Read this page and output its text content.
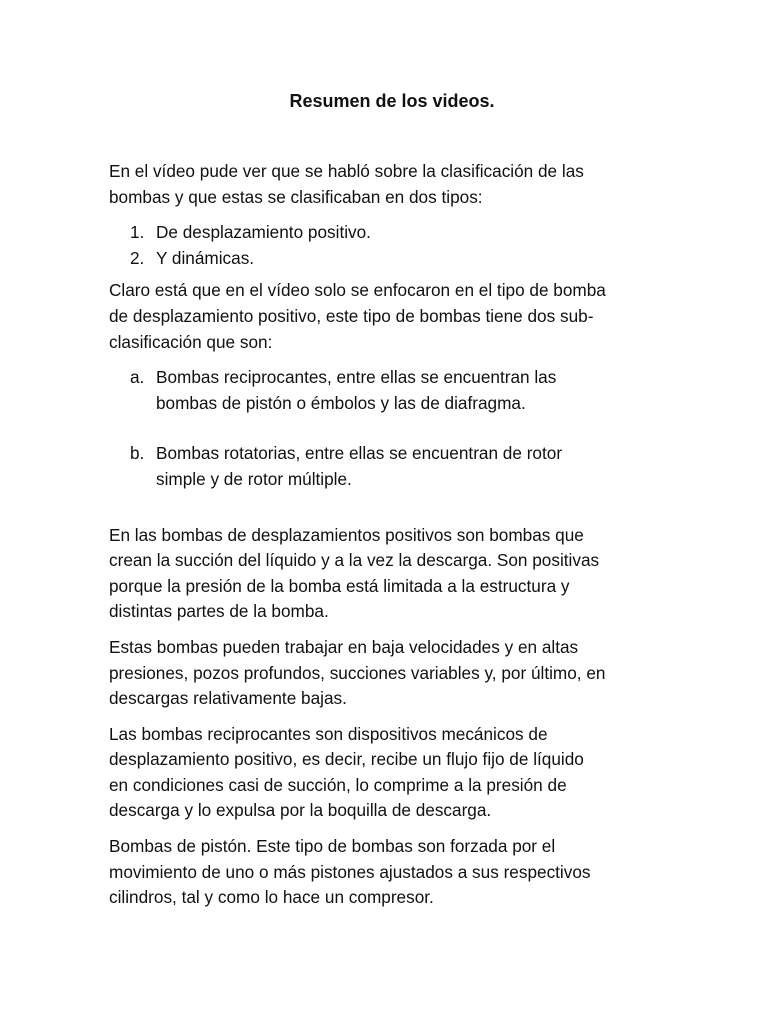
Resumen de los videos.

En el vídeo pude ver que se habló sobre la clasificación de las
bombas y que estas se clasificaban en dos tipos:

1. De desplazamiento positivo.
2. Y dinámicas.

Claro está que en el vídeo solo se enfocaron en el tipo de bomba
de desplazamiento positivo, este tipo de bombas tiene dos sub-
clasificación que son:

a. Bombas reciprocantes, entre ellas se encuentran las
bombas de pistón o émbolos y las de diafragma.
b. Bombas rotatorias, entre ellas se encuentran de rotor
simple y de rotor múltiple.

En las bombas de desplazamientos positivos son bombas que
crean la succión del líquido y a la vez la descarga. Son positivas
porque la presión de la bomba está limitada a la estructura y
distintas partes de la bomba.

Estas bombas pueden trabajar en baja velocidades y en altas
presiones, pozos profundos, succiones variables y, por último, en
descargas relativamente bajas.

Las bombas reciprocantes son dispositivos mecánicos de
desplazamiento positivo, es decir, recibe un flujo fijo de líquido
en condiciones casi de succión, lo comprime a la presión de
descarga y lo expulsa por la boquilla de descarga.

Bombas de pistón. Este tipo de bombas son forzada por el
movimiento de uno o más pistones ajustados a sus respectivos
cilindros, tal y como lo hace un compresor.
